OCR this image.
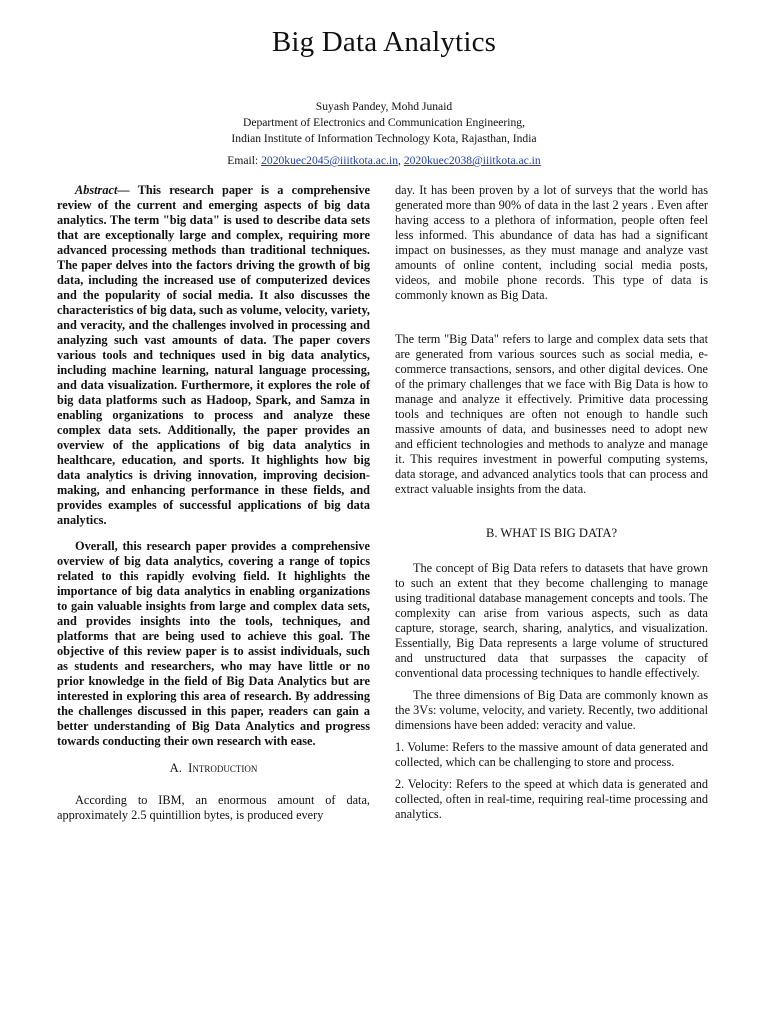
Big Data Analytics
Suyash Pandey, Mohd Junaid
Department of Electronics and Communication Engineering,
Indian Institute of Information Technology Kota, Rajasthan, India
Email: 2020kuec2045@iiitkota.ac.in, 2020kuec2038@iiitkota.ac.in

Abstract— This research paper is a comprehensive review of the current and emerging aspects of big data analytics. The term "big data" is used to describe data sets that are exceptionally large and complex, requiring more advanced processing methods than traditional techniques. The paper delves into the factors driving the growth of big data, including the increased use of computerized devices and the popularity of social media. It also discusses the characteristics of big data, such as volume, velocity, variety, and veracity, and the challenges involved in processing and analyzing such vast amounts of data. The paper covers various tools and techniques used in big data analytics, including machine learning, natural language processing, and data visualization. Furthermore, it explores the role of big data platforms such as Hadoop, Spark, and Samza in enabling organizations to process and analyze these complex data sets. Additionally, the paper provides an overview of the applications of big data analytics in healthcare, education, and sports. It highlights how big data analytics is driving innovation, improving decision-making, and enhancing performance in these fields, and provides examples of successful applications of big data analytics.

Overall, this research paper provides a comprehensive overview of big data analytics, covering a range of topics related to this rapidly evolving field. It highlights the importance of big data analytics in enabling organizations to gain valuable insights from large and complex data sets, and provides insights into the tools, techniques, and platforms that are being used to achieve this goal. The objective of this review paper is to assist individuals, such as students and researchers, who may have little or no prior knowledge in the field of Big Data Analytics but are interested in exploring this area of research. By addressing the challenges discussed in this paper, readers can gain a better understanding of Big Data Analytics and progress towards conducting their own research with ease.

A. Introduction

According to IBM, an enormous amount of data, approximately 2.5 quintillion bytes, is produced every

day. It has been proven by a lot of surveys that the world has generated more than 90% of data in the last 2 years . Even after having access to a plethora of information, people often feel less informed. This abundance of data has had a significant impact on businesses, as they must manage and analyze vast amounts of online content, including social media posts, videos, and mobile phone records. This type of data is commonly known as Big Data.

The term "Big Data" refers to large and complex data sets that are generated from various sources such as social media, e-commerce transactions, sensors, and other digital devices. One of the primary challenges that we face with Big Data is how to manage and analyze it effectively. Primitive data processing tools and techniques are often not enough to handle such massive amounts of data, and businesses need to adopt new and efficient technologies and methods to analyze and manage it. This requires investment in powerful computing systems, data storage, and advanced analytics tools that can process and extract valuable insights from the data.

B. WHAT IS BIG DATA?

The concept of Big Data refers to datasets that have grown to such an extent that they become challenging to manage using traditional database management concepts and tools. The complexity can arise from various aspects, such as data capture, storage, search, sharing, analytics, and visualization. Essentially, Big Data represents a large volume of structured and unstructured data that surpasses the capacity of conventional data processing techniques to handle effectively.

The three dimensions of Big Data are commonly known as the 3Vs: volume, velocity, and variety. Recently, two additional dimensions have been added: veracity and value.

1. Volume: Refers to the massive amount of data generated and collected, which can be challenging to store and process.

2. Velocity: Refers to the speed at which data is generated and collected, often in real-time, requiring real-time processing and analytics.
